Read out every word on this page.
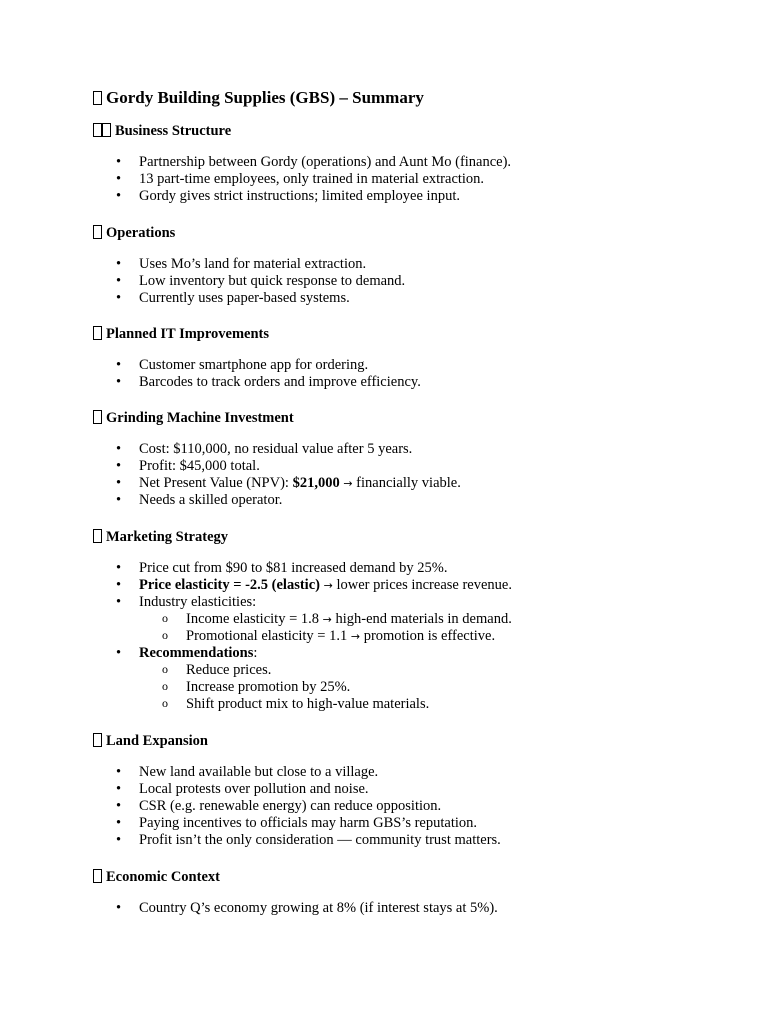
Gordy Building Supplies (GBS) – Summary
Business Structure
• Partnership between Gordy (operations) and Aunt Mo (finance).
• 13 part-time employees, only trained in material extraction.
• Gordy gives strict instructions; limited employee input.
Operations
• Uses Mo’s land for material extraction.
• Low inventory but quick response to demand.
• Currently uses paper-based systems.
Planned IT Improvements
• Customer smartphone app for ordering.
• Barcodes to track orders and improve efficiency.
Grinding Machine Investment
• Cost: $110,000, no residual value after 5 years.
• Profit: $45,000 total.
• Net Present Value (NPV): $21,000 → financially viable.
• Needs a skilled operator.
Marketing Strategy
• Price cut from $90 to $81 increased demand by 25%.
• Price elasticity = -2.5 (elastic) → lower prices increase revenue.
• Industry elasticities:
o Income elasticity = 1.8 → high-end materials in demand.
o Promotional elasticity = 1.1 → promotion is effective.
• Recommendations:
o Reduce prices.
o Increase promotion by 25%.
o Shift product mix to high-value materials.
Land Expansion
• New land available but close to a village.
• Local protests over pollution and noise.
• CSR (e.g. renewable energy) can reduce opposition.
• Paying incentives to officials may harm GBS’s reputation.
• Profit isn’t the only consideration — community trust matters.
Economic Context
• Country Q’s economy growing at 8% (if interest stays at 5%).
